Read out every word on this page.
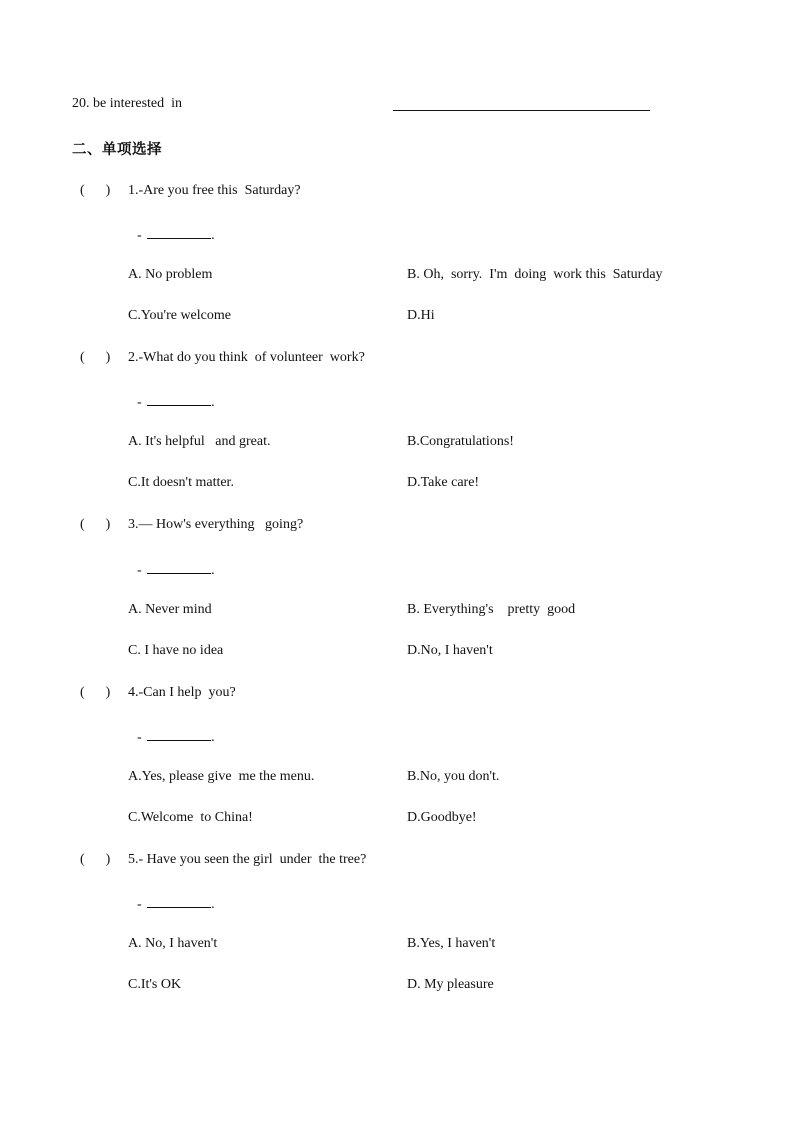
20. be interested  in
二、单项选择
(      ) 1.-Are you free this  Saturday?
-	.
A. No problem	B. Oh,  sorry.  I'm  doing  work this  Saturday
C.You're welcome	D.Hi
(      ) 2.-What do you think  of volunteer  work?
-	.
A. It's helpful   and great.	B.Congratulations!
C.It doesn't matter.	D.Take care!
(      ) 3.— How's everything   going?
-	.
A. Never mind	B. Everything's    pretty  good
C. I have no idea	D.No, I haven't
(      ) 4.-Can I help  you?
-	.
A.Yes, please give  me the menu.	B.No, you don't.
C.Welcome  to China!	D.Goodbye!
(      ) 5.- Have you seen the girl  under  the tree?
-	.
A. No, I haven't	B.Yes, I haven't
C.It's OK	D. My pleasure
